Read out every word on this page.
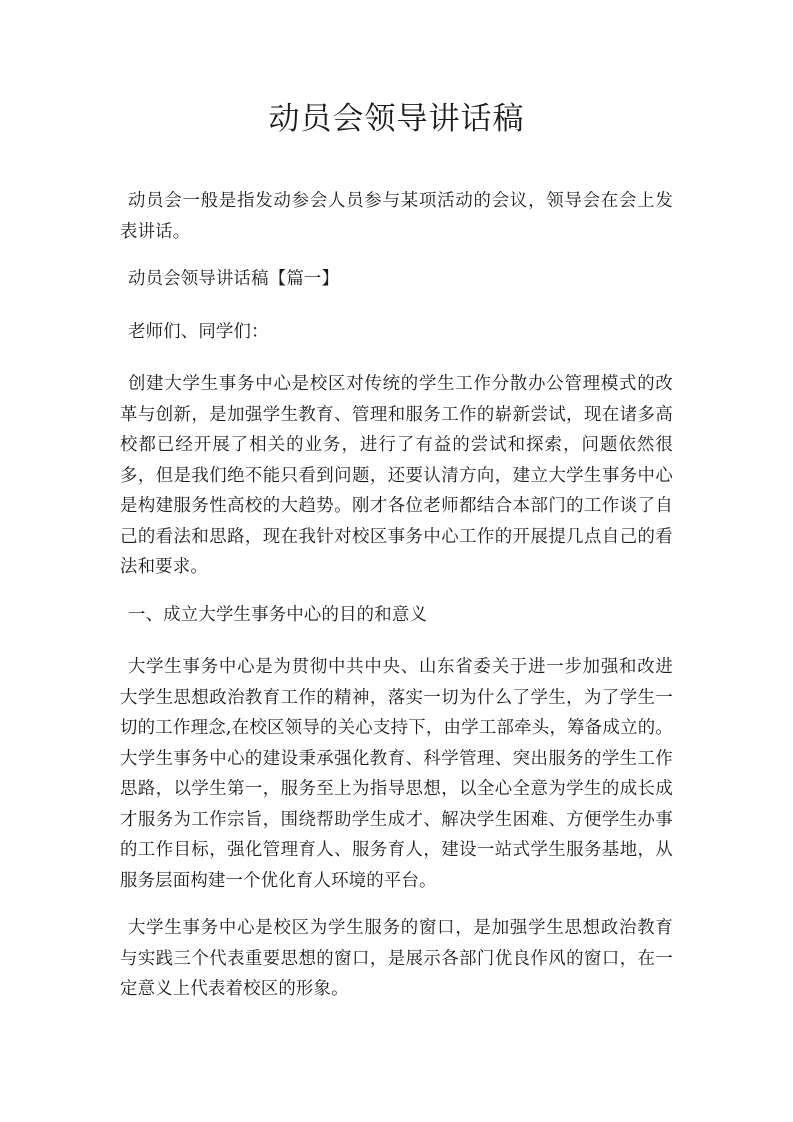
动员会领导讲话稿

动员会一般是指发动参会人员参与某项活动的会议，领导会在会上发表讲话。

动员会领导讲话稿【篇一】

老师们、同学们：

创建大学生事务中心是校区对传统的学生工作分散办公管理模式的改革与创新，是加强学生教育、管理和服务工作的崭新尝试，现在诸多高校都已经开展了相关的业务，进行了有益的尝试和探索，问题依然很多，但是我们绝不能只看到问题，还要认清方向，建立大学生事务中心是构建服务性高校的大趋势。刚才各位老师都结合本部门的工作谈了自己的看法和思路，现在我针对校区事务中心工作的开展提几点自己的看法和要求。

一、成立大学生事务中心的目的和意义

大学生事务中心是为贯彻中共中央、山东省委关于进一步加强和改进大学生思想政治教育工作的精神，落实一切为什么了学生，为了学生一切的工作理念,在校区领导的关心支持下，由学工部牵头，筹备成立的。大学生事务中心的建设秉承强化教育、科学管理、突出服务的学生工作思路，以学生第一，服务至上为指导思想，以全心全意为学生的成长成才服务为工作宗旨，围绕帮助学生成才、解决学生困难、方便学生办事的工作目标，强化管理育人、服务育人，建设一站式学生服务基地，从服务层面构建一个优化育人环境的平台。

大学生事务中心是校区为学生服务的窗口，是加强学生思想政治教育与实践三个代表重要思想的窗口，是展示各部门优良作风的窗口，在一定意义上代表着校区的形象。
